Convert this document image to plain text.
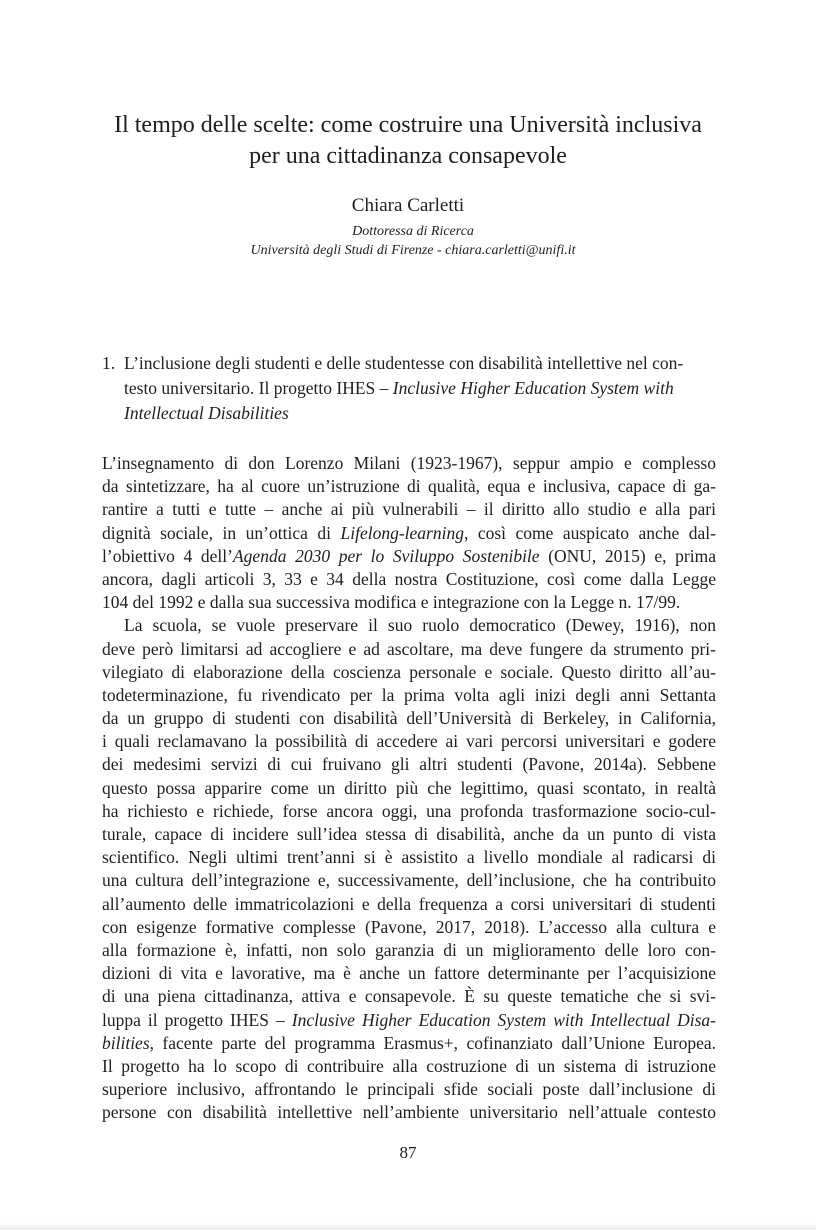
Il tempo delle scelte: come costruire una Università inclusiva
per una cittadinanza consapevole
Chiara Carletti
Dottoressa di Ricerca
Università degli Studi di Firenze - chiara.carletti@unifi.it
1. L’inclusione degli studenti e delle studentesse con disabilità intellettive nel con-
testo universitario. Il progetto IHES – Inclusive Higher Education System with
Intellectual Disabilities
L’insegnamento di don Lorenzo Milani (1923-1967), seppur ampio e complesso
da sintetizzare, ha al cuore un’istruzione di qualità, equa e inclusiva, capace di ga-
rantire a tutti e tutte – anche ai più vulnerabili – il diritto allo studio e alla pari
dignità sociale, in un’ottica di Lifelong-learning, così come auspicato anche dal-
l’obiettivo 4 dell’Agenda 2030 per lo Sviluppo Sostenibile (ONU, 2015) e, prima
ancora, dagli articoli 3, 33 e 34 della nostra Costituzione, così come dalla Legge
104 del 1992 e dalla sua successiva modifica e integrazione con la Legge n. 17/99.
La scuola, se vuole preservare il suo ruolo democratico (Dewey, 1916), non
deve però limitarsi ad accogliere e ad ascoltare, ma deve fungere da strumento pri-
vilegiato di elaborazione della coscienza personale e sociale. Questo diritto all’au-
todeterminazione, fu rivendicato per la prima volta agli inizi degli anni Settanta
da un gruppo di studenti con disabilità dell’Università di Berkeley, in California,
i quali reclamavano la possibilità di accedere ai vari percorsi universitari e godere
dei medesimi servizi di cui fruivano gli altri studenti (Pavone, 2014a). Sebbene
questo possa apparire come un diritto più che legittimo, quasi scontato, in realtà
ha richiesto e richiede, forse ancora oggi, una profonda trasformazione socio-cul-
turale, capace di incidere sull’idea stessa di disabilità, anche da un punto di vista
scientifico. Negli ultimi trent’anni si è assistito a livello mondiale al radicarsi di
una cultura dell’integrazione e, successivamente, dell’inclusione, che ha contribuito
all’aumento delle immatricolazioni e della frequenza a corsi universitari di studenti
con esigenze formative complesse (Pavone, 2017, 2018). L’accesso alla cultura e
alla formazione è, infatti, non solo garanzia di un miglioramento delle loro con-
dizioni di vita e lavorative, ma è anche un fattore determinante per l’acquisizione
di una piena cittadinanza, attiva e consapevole. È su queste tematiche che si svi-
luppa il progetto IHES – Inclusive Higher Education System with Intellectual Disa-
bilities, facente parte del programma Erasmus+, cofinanziato dall’Unione Europea.
Il progetto ha lo scopo di contribuire alla costruzione di un sistema di istruzione
superiore inclusivo, affrontando le principali sfide sociali poste dall’inclusione di
persone con disabilità intellettive nell’ambiente universitario nell’attuale contesto
87
